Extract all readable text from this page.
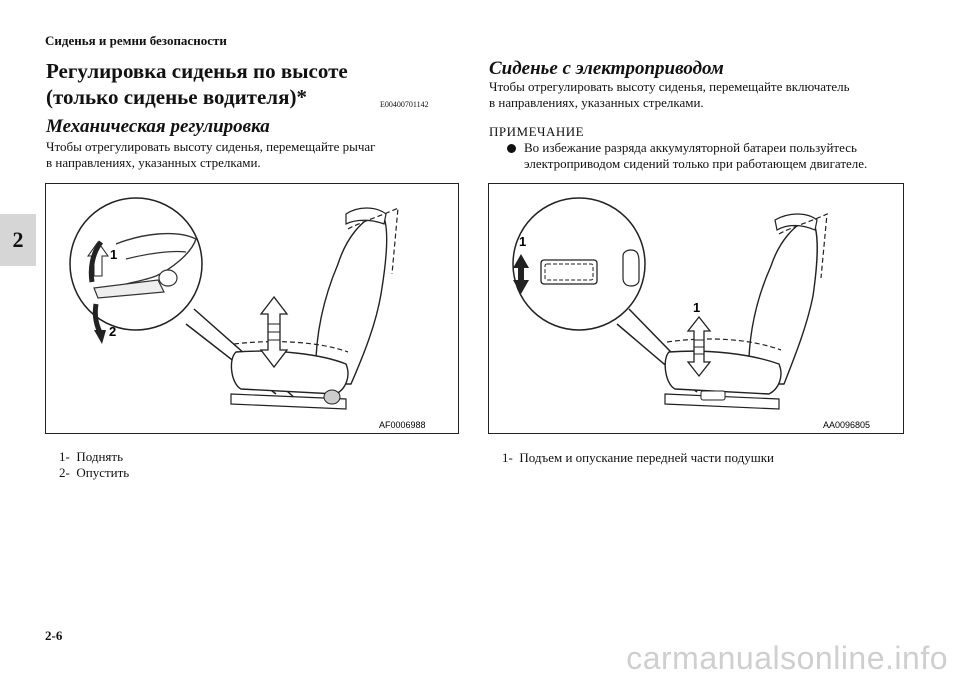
Сиденья и ремни безопасности
2
Регулировка сиденья по высоте
(только сиденье водителя)*	E00400701142
Механическая регулировка
Чтобы отрегулировать высоту сиденья, перемещайте рычаг
в направлениях, указанных стрелками.
1
2
AF0006988
1- Поднять
2- Опустить
Сиденье с электроприводом
Чтобы отрегулировать высоту сиденья, перемещайте включатель
в направлениях, указанных стрелками.
ПРИМЕЧАНИЕ
Во избежание разряда аккумуляторной батареи пользуйтесь
электроприводом сидений только при работающем двигателе.
1
1
AA0096805
1- Подъем и опускание передней части подушки
2-6
carmanualsonline.info
